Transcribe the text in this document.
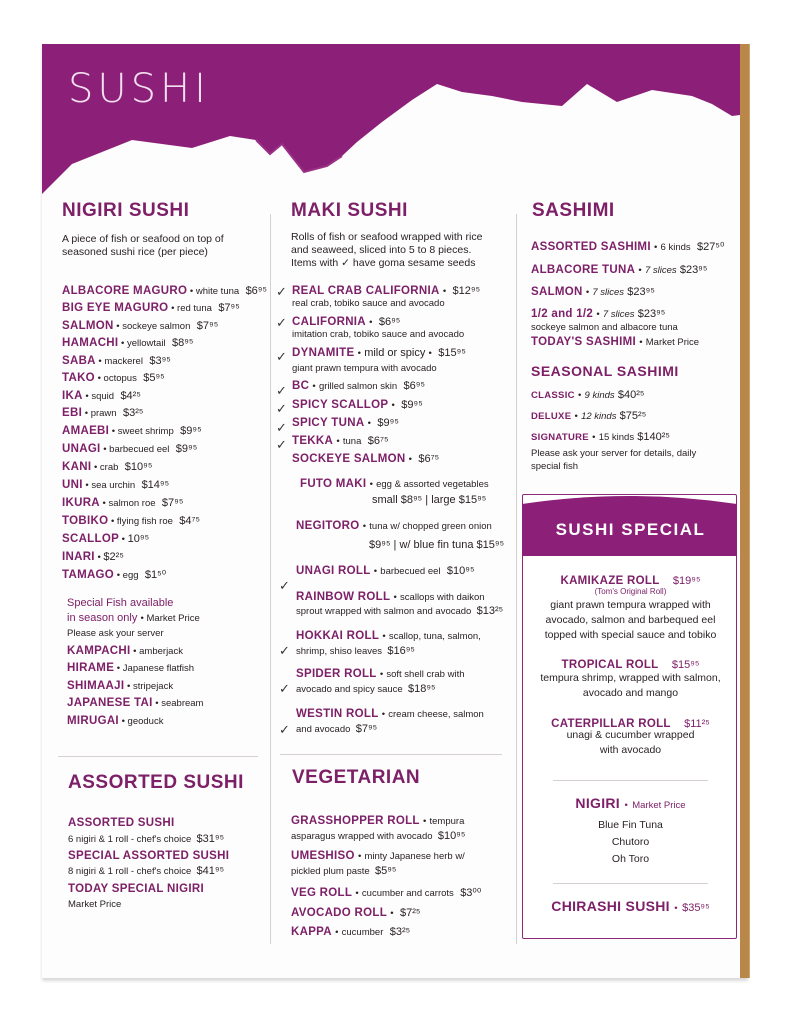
SUSHI
NIGIRI SUSHI
A piece of fish or seafood on top of
seasoned sushi rice (per piece)
ALBACORE MAGURO • white tuna $6⁹⁵
BIG EYE MAGURO • red tuna $7⁹⁵
SALMON • sockeye salmon $7⁹⁵
HAMACHI • yellowtail $8⁹⁵
SABA • mackerel $3⁹⁵
TAKO • octopus $5⁹⁵
IKA • squid $4²⁵
EBI • prawn $3²⁵
AMAEBI • sweet shrimp $9⁹⁵
UNAGI • barbecued eel $9⁹⁵
KANI • crab $10⁹⁵
UNI • sea urchin $14⁹⁵
IKURA • salmon roe $7⁹⁵
TOBIKO • flying fish roe $4⁷⁵
SCALLOP • 10⁹⁵
INARI • $2²⁵
TAMAGO • egg $1⁵⁰
Special Fish available
in season only • Market Price
Please ask your server
KAMPACHI • amberjack
HIRAME • Japanese flatfish
SHIMAAJI • stripejack
JAPANESE TAI • seabream
MIRUGAI • geoduck
ASSORTED SUSHI
ASSORTED SUSHI
6 nigiri & 1 roll - chef's choice $31⁹⁵
SPECIAL ASSORTED SUSHI
8 nigiri & 1 roll - chef's choice $41⁹⁵
TODAY SPECIAL NIGIRI
Market Price
MAKI SUSHI
Rolls of fish or seafood wrapped with rice
and seaweed, sliced into 5 to 8 pieces.
Items with ✓ have goma sesame seeds
✓ REAL CRAB CALIFORNIA • $12⁹⁵
real crab, tobiko sauce and avocado
✓ CALIFORNIA • $6⁹⁵
imitation crab, tobiko sauce and avocado
✓ DYNAMITE • mild or spicy • $15⁹⁵
giant prawn tempura with avocado
✓ BC • grilled salmon skin $6⁹⁵
✓ SPICY SCALLOP • $9⁹⁵
✓ SPICY TUNA • $9⁹⁵
✓ TEKKA • tuna $6⁷⁵
SOCKEYE SALMON • $6⁷⁵
FUTO MAKI • egg & assorted vegetables
small $8⁹⁵ | large $15⁹⁵
NEGITORO • tuna w/ chopped green onion
$9⁹⁵ | w/ blue fin tuna $15⁹⁵
UNAGI ROLL • barbecued eel $10⁹⁵
✓
RAINBOW ROLL • scallops with daikon
sprout wrapped with salmon and avocado $13²⁵
✓
HOKKAI ROLL • scallop, tuna, salmon,
shrimp, shiso leaves $16⁹⁵
✓
SPIDER ROLL • soft shell crab with
avocado and spicy sauce $18⁹⁵
✓
WESTIN ROLL • cream cheese, salmon
and avocado $7⁹⁵
VEGETARIAN
GRASSHOPPER ROLL • tempura
asparagus wrapped with avocado $10⁹⁵
UMESHISO • minty Japanese herb w/
pickled plum paste $5⁹⁵
VEG ROLL • cucumber and carrots $3⁰⁰
AVOCADO ROLL • $7²⁵
KAPPA • cucumber $3²⁵
SASHIMI
ASSORTED SASHIMI • 6 kinds $27⁵⁰
ALBACORE TUNA • 7 slices $23⁹⁵
SALMON • 7 slices $23⁹⁵
1/2 and 1/2 • 7 slices $23⁹⁵
sockeye salmon and albacore tuna
TODAY'S SASHIMI • Market Price
SEASONAL SASHIMI
CLASSIC • 9 kinds $40²⁵
DELUXE • 12 kinds $75²⁵
SIGNATURE • 15 kinds $140²⁵
Please ask your server for details, daily
special fish
SUSHI SPECIAL
KAMIKAZE ROLL $19⁹⁵
(Tom's Original Roll)
giant prawn tempura wrapped with
avocado, salmon and barbequed eel
topped with special sauce and tobiko
TROPICAL ROLL $15⁹⁵
tempura shrimp, wrapped with salmon,
avocado and mango
CATERPILLAR ROLL $11²⁵
unagi & cucumber wrapped
with avocado
NIGIRI • Market Price
Blue Fin Tuna
Chutoro
Oh Toro
CHIRASHI SUSHI • $35⁹⁵
